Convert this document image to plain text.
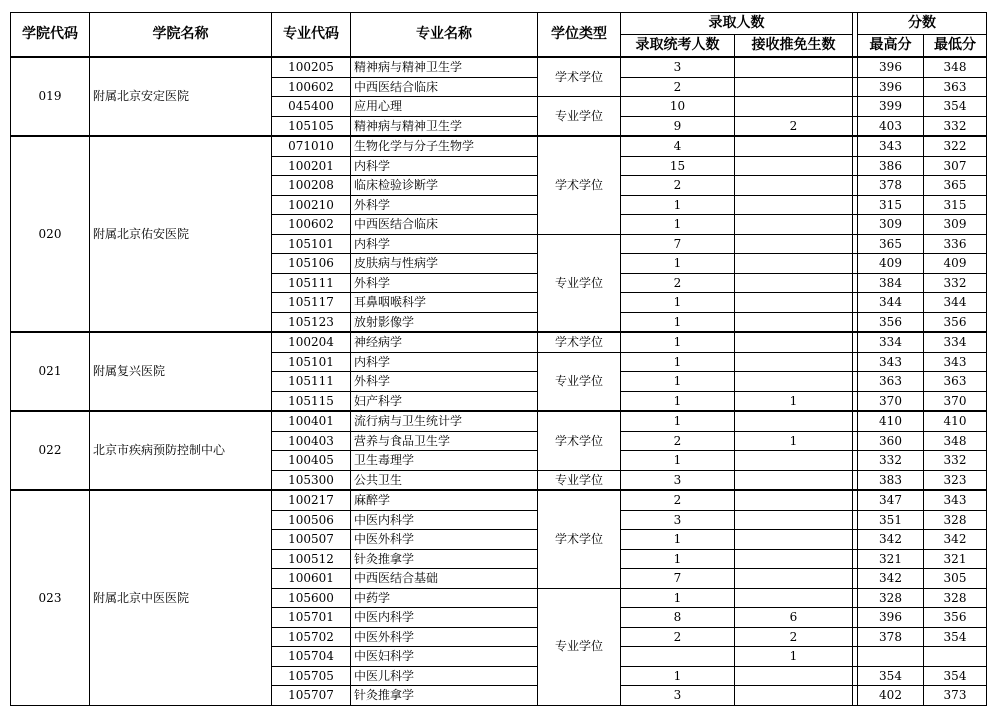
学院代码	学院名称	专业代码	专业名称	学位类型	录取人数			分数	
					录取统考人数	接收推免生数		最高分	最低分
019	附属北京安定医院	100205	精神病与精神卫生学	学术学位	3			396	348
		100602	中西医结合临床		2			396	363
		045400	应用心理	专业学位	10			399	354
		105105	精神病与精神卫生学		9	2		403	332
020	附属北京佑安医院	071010	生物化学与分子生物学	学术学位	4			343	322
		100201	内科学		15			386	307
		100208	临床检验诊断学		2			378	365
		100210	外科学		1			315	315
		100602	中西医结合临床		1			309	309
		105101	内科学	专业学位	7			365	336
		105106	皮肤病与性病学		1			409	409
		105111	外科学		2			384	332
		105117	耳鼻咽喉科学		1			344	344
		105123	放射影像学		1			356	356
021	附属复兴医院	100204	神经病学	学术学位	1			334	334
		105101	内科学	专业学位	1			343	343
		105111	外科学		1			363	363
		105115	妇产科学		1	1		370	370
022	北京市疾病预防控制中心	100401	流行病与卫生统计学	学术学位	1			410	410
		100403	营养与食品卫生学		2	1		360	348
		100405	卫生毒理学		1			332	332
		105300	公共卫生	专业学位	3			383	323
023	附属北京中医医院	100217	麻醉学	学术学位	2			347	343
		100506	中医内科学		3			351	328
		100507	中医外科学		1			342	342
		100512	针灸推拿学		1			321	321
		100601	中西医结合基础		7			342	305
		105600	中药学	专业学位	1			328	328
		105701	中医内科学		8	6		396	356
		105702	中医外科学		2	2		378	354
		105704	中医妇科学			1			
		105705	中医儿科学		1			354	354
		105707	针灸推拿学		3			402	373
